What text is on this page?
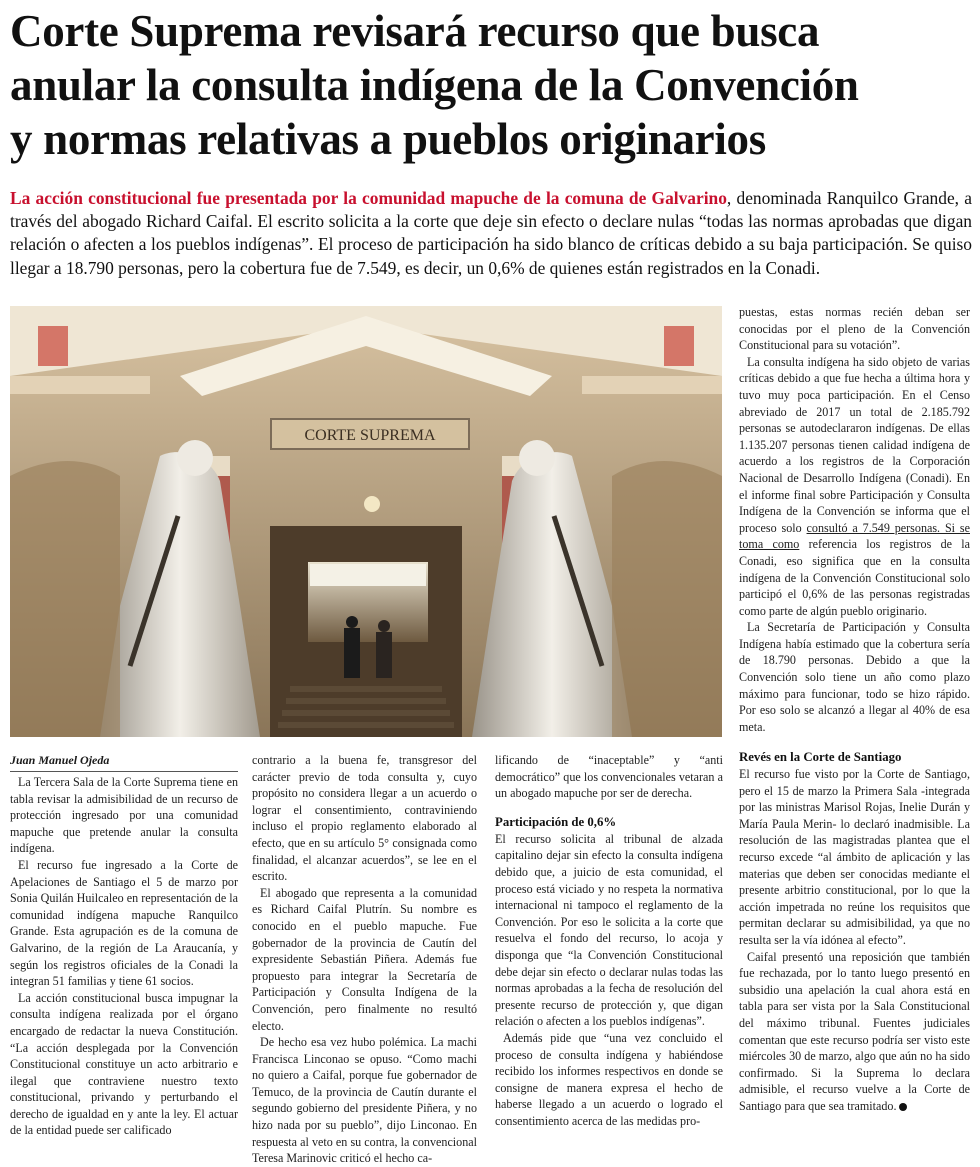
Corte Suprema revisará recurso que busca
anular la consulta indígena de la Convención
y normas relativas a pueblos originarios

La acción constitucional fue presentada por la comunidad mapuche de la comuna de Galvarino, denominada Ranquilco Grande, a través del abogado Richard Caifal. El escrito solicita a la corte que deje sin efecto o declare nulas “todas las normas aprobadas que digan relación o afecten a los pueblos indígenas”. El proceso de participación ha sido blanco de críticas debido a su baja participación. Se quiso llegar a 18.790 personas, pero la cobertura fue de 7.549, es decir, un 0,6% de quienes están registrados en la Conadi.

CORTE SUPREMA
Juan Manuel Ojeda

La Tercera Sala de la Corte Suprema tiene en tabla revisar la admisibilidad de un recurso de protección ingresado por una comunidad mapuche que pretende anular la consulta indígena.

El recurso fue ingresado a la Corte de Apelaciones de Santiago el 5 de marzo por Sonia Quilán Huilcaleo en representación de la comunidad indígena mapuche Ranquilco Grande. Esta agrupación es de la comuna de Galvarino, de la región de La Araucanía, y según los registros oficiales de la Conadi la integran 51 familias y tiene 61 socios.

La acción constitucional busca impugnar la consulta indígena realizada por el órgano encargado de redactar la nueva Constitución. “La acción desplegada por la Convención Constitucional constituye un acto arbitrario e ilegal que contraviene nuestro texto constitucional, privando y perturbando el derecho de igualdad en y ante la ley. El actuar de la entidad puede ser calificado

contrario a la buena fe, transgresor del carácter previo de toda consulta y, cuyo propósito no considera llegar a un acuerdo o lograr el consentimiento, contraviniendo incluso el propio reglamento elaborado al efecto, que en su artículo 5° consignada como finalidad, el alcanzar acuerdos”, se lee en el escrito.

El abogado que representa a la comunidad es Richard Caifal Plutrín. Su nombre es conocido en el pueblo mapuche. Fue gobernador de la provincia de Cautín del expresidente Sebastián Piñera. Además fue propuesto para integrar la Secretaría de Participación y Consulta Indígena de la Convención, pero finalmente no resultó electo.

De hecho esa vez hubo polémica. La machi Francisca Linconao se opuso. “Como machi no quiero a Caifal, porque fue gobernador de Temuco, de la provincia de Cautín durante el segundo gobierno del presidente Piñera, y no hizo nada por su pueblo”, dijo Linconao. En respuesta al veto en su contra, la convencional Teresa Marinovic criticó el hecho ca-

lificando de “inaceptable” y “anti democrático” que los convencionales vetaran a un abogado mapuche por ser de derecha.

Participación de 0,6%

El recurso solicita al tribunal de alzada capitalino dejar sin efecto la consulta indígena debido que, a juicio de esta comunidad, el proceso está viciado y no respeta la normativa internacional ni tampoco el reglamento de la Convención. Por eso le solicita a la corte que resuelva el fondo del recurso, lo acoja y disponga que “la Convención Constitucional debe dejar sin efecto o declarar nulas todas las normas aprobadas a la fecha de resolución del presente recurso de protección y, que digan relación o afecten a los pueblos indígenas”.

Además pide que “una vez concluido el proceso de consulta indígena y habiéndose recibido los informes respectivos en donde se consigne de manera expresa el hecho de haberse llegado a un acuerdo o logrado el consentimiento acerca de las medidas pro-

puestas, estas normas recién deban ser conocidas por el pleno de la Convención Constitucional para su votación”.

La consulta indígena ha sido objeto de varias críticas debido a que fue hecha a última hora y tuvo muy poca participación. En el Censo abreviado de 2017 un total de 2.185.792 personas se autodeclararon indígenas. De ellas 1.135.207 personas tienen calidad indígena de acuerdo a los registros de la Corporación Nacional de Desarrollo Indígena (Conadi). En el informe final sobre Participación y Consulta Indígena de la Convención se informa que el proceso solo consultó a 7.549 personas. Si se toma como referencia los registros de la Conadi, eso significa que en la consulta indígena de la Convención Constitucional solo participó el 0,6% de las personas registradas como parte de algún pueblo originario.

La Secretaría de Participación y Consulta Indígena había estimado que la cobertura sería de 18.790 personas. Debido a que la Convención solo tiene un año como plazo máximo para funcionar, todo se hizo rápido. Por eso solo se alcanzó a llegar al 40% de esa meta.

Revés en la Corte de Santiago

El recurso fue visto por la Corte de Santiago, pero el 15 de marzo la Primera Sala -integrada por las ministras Marisol Rojas, Inelie Durán y María Paula Merin- lo declaró inadmisible. La resolución de las magistradas plantea que el recurso excede “al ámbito de aplicación y las materias que deben ser conocidas mediante el presente arbitrio constitucional, por lo que la acción impetrada no reúne los requisitos que permitan declarar su admisibilidad, ya que no resulta ser la vía idónea al efecto”.

Caifal presentó una reposición que también fue rechazada, por lo tanto luego presentó en subsidio una apelación la cual ahora está en tabla para ser vista por la Sala Constitucional del máximo tribunal. Fuentes judiciales comentan que este recurso podría ser visto este miércoles 30 de marzo, algo que aún no ha sido confirmado. Si la Suprema lo declara admisible, el recurso vuelve a la Corte de Santiago para que sea tramitado.
